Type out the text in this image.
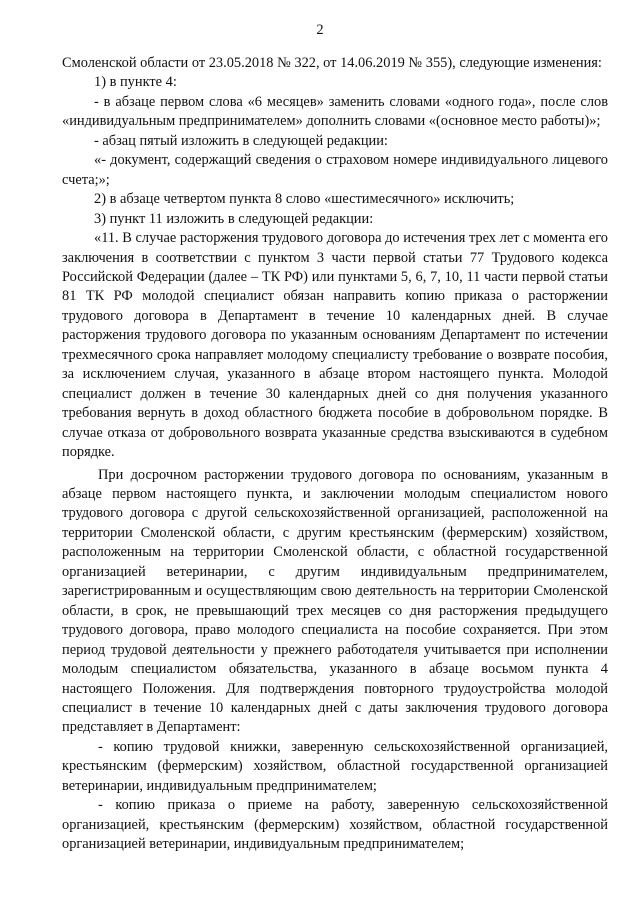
2

Смоленской области от 23.05.2018 № 322, от 14.06.2019 № 355), следующие изменения:

1) в пункте 4:

- в абзаце первом слова «6 месяцев» заменить словами «одного года», после слов «индивидуальным предпринимателем» дополнить словами «(основное место работы)»;

- абзац пятый изложить в следующей редакции:

«- документ, содержащий сведения о страховом номере индивидуального лицевого счета;»;

2) в абзаце четвертом пункта 8 слово «шестимесячного» исключить;

3) пункт 11 изложить в следующей редакции:

«11. В случае расторжения трудового договора до истечения трех лет с момента его заключения в соответствии с пунктом 3 части первой статьи 77 Трудового кодекса Российской Федерации (далее – ТК РФ) или пунктами 5, 6, 7, 10, 11 части первой статьи 81 ТК РФ молодой специалист обязан направить копию приказа о расторжении трудового договора в Департамент в течение 10 календарных дней. В случае расторжения трудового договора по указанным основаниям Департамент по истечении трехмесячного срока направляет молодому специалисту требование о возврате пособия, за исключением случая, указанного в абзаце втором настоящего пункта. Молодой специалист должен в течение 30 календарных дней со дня получения указанного требования вернуть в доход областного бюджета пособие в добровольном порядке. В случае отказа от добровольного возврата указанные средства взыскиваются в судебном порядке.

При досрочном расторжении трудового договора по основаниям, указанным в абзаце первом настоящего пункта, и заключении молодым специалистом нового трудового договора с другой сельскохозяйственной организацией, расположенной на территории Смоленской области, с другим крестьянским (фермерским) хозяйством, расположенным на территории Смоленской области, с областной государственной организацией ветеринарии, с другим индивидуальным предпринимателем, зарегистрированным и осуществляющим свою деятельность на территории Смоленской области, в срок, не превышающий трех месяцев со дня расторжения предыдущего трудового договора, право молодого специалиста на пособие сохраняется. При этом период трудовой деятельности у прежнего работодателя учитывается при исполнении молодым специалистом обязательства, указанного в абзаце восьмом пункта 4 настоящего Положения. Для подтверждения повторного трудоустройства молодой специалист в течение 10 календарных дней с даты заключения трудового договора представляет в Департамент:

- копию трудовой книжки, заверенную сельскохозяйственной организацией, крестьянским (фермерским) хозяйством, областной государственной организацией ветеринарии, индивидуальным предпринимателем;

- копию приказа о приеме на работу, заверенную сельскохозяйственной организацией, крестьянским (фермерским) хозяйством, областной государственной организацией ветеринарии, индивидуальным предпринимателем;
